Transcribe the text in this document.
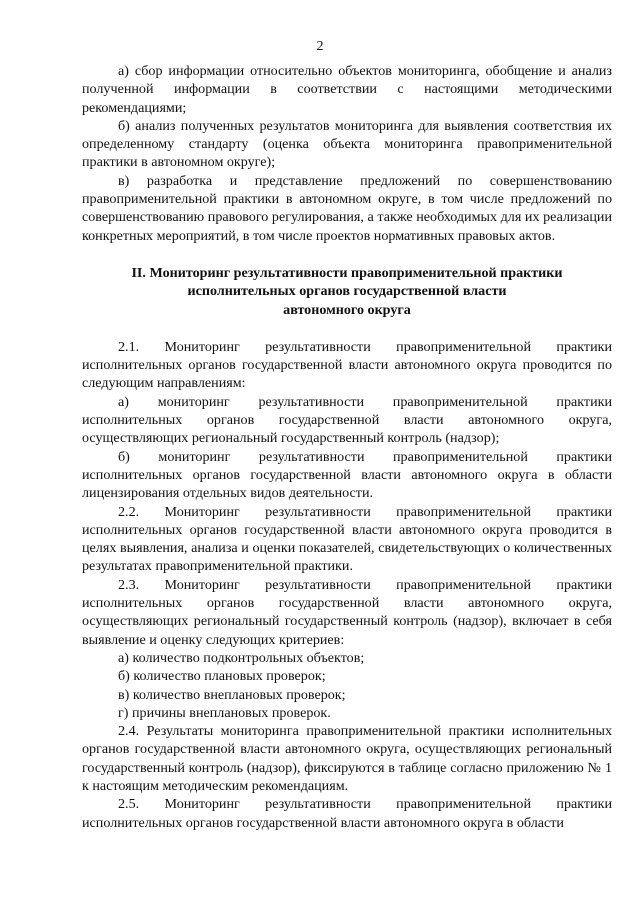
2

а) сбор информации относительно объектов мониторинга, обобщение и анализ полученной информации в соответствии с настоящими методическими рекомендациями;

б) анализ полученных результатов мониторинга для выявления соответствия их определенному стандарту (оценка объекта мониторинга правоприменительной практики в автономном округе);

в) разработка и представление предложений по совершенствованию правоприменительной практики в автономном округе, в том числе предложений по совершенствованию правового регулирования, а также необходимых для их реализации конкретных мероприятий, в том числе проектов нормативных правовых актов.

II. Мониторинг результативности правоприменительной практики
исполнительных органов государственной власти
автономного округа

2.1. Мониторинг результативности правоприменительной практики исполнительных органов государственной власти автономного округа проводится по следующим направлениям:

а) мониторинг результативности правоприменительной практики исполнительных органов государственной власти автономного округа, осуществляющих региональный государственный контроль (надзор);

б) мониторинг результативности правоприменительной практики исполнительных органов государственной власти автономного округа в области лицензирования отдельных видов деятельности.

2.2. Мониторинг результативности правоприменительной практики исполнительных органов государственной власти автономного округа проводится в целях выявления, анализа и оценки показателей, свидетельствующих о количественных результатах правоприменительной практики.

2.3. Мониторинг результативности правоприменительной практики исполнительных органов государственной власти автономного округа, осуществляющих региональный государственный контроль (надзор), включает в себя выявление и оценку следующих критериев:

а) количество подконтрольных объектов;

б) количество плановых проверок;

в) количество внеплановых проверок;

г) причины внеплановых проверок.

2.4. Результаты мониторинга правоприменительной практики исполнительных органов государственной власти автономного округа, осуществляющих региональный государственный контроль (надзор), фиксируются в таблице согласно приложению № 1 к настоящим методическим рекомендациям.

2.5. Мониторинг результативности правоприменительной практики исполнительных органов государственной власти автономного округа в области
